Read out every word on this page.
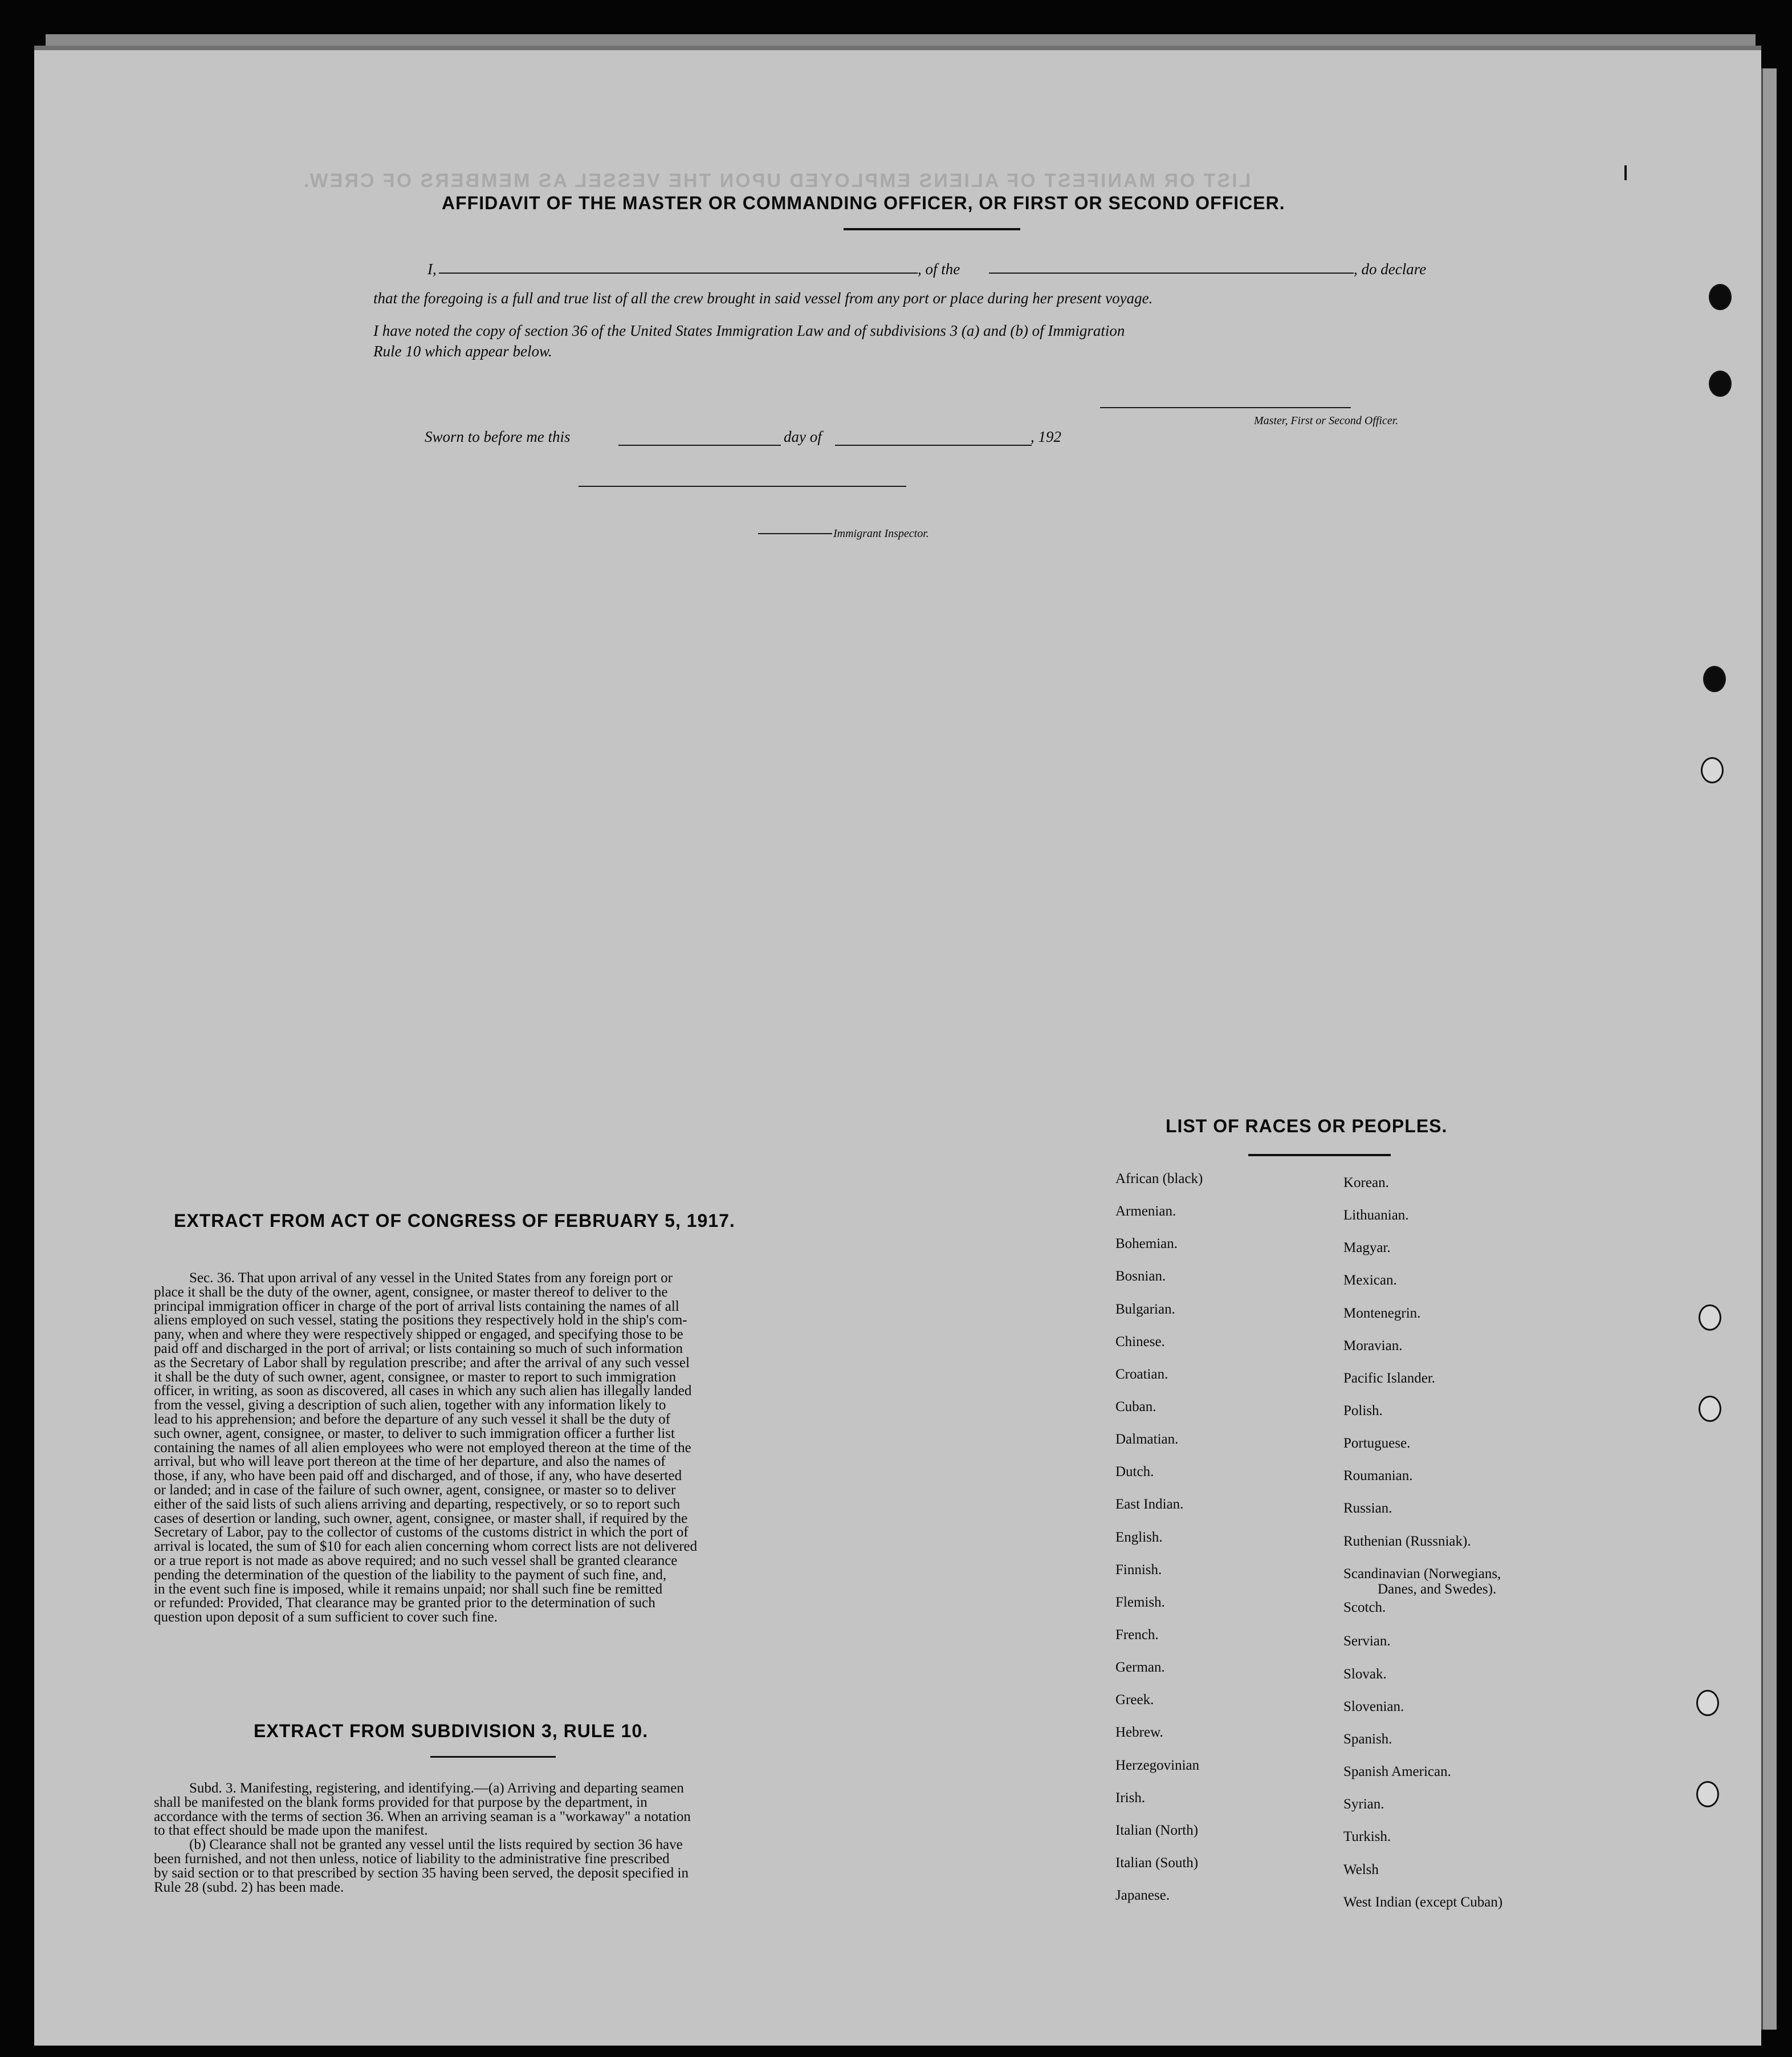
LIST OR MANIFEST OF ALIENS EMPLOYED UPON THE VESSEL AS MEMBERS OF CREW.
AFFIDAVIT OF THE MASTER OR COMMANDING OFFICER, OR FIRST OR SECOND OFFICER.
I,	, of the	, do declare
that the foregoing is a full and true list of all the crew brought in said vessel from any port or place during her present voyage.
I have noted the copy of section 36 of the United States Immigration Law and of subdivisions 3 (a) and (b) of Immigration
Rule 10 which appear below.
Master, First or Second Officer.
Sworn to before me this	day of	, 192
Immigrant Inspector.
EXTRACT FROM ACT OF CONGRESS OF FEBRUARY 5, 1917.
Sec. 36. That upon arrival of any vessel in the United States from any foreign port or
place it shall be the duty of the owner, agent, consignee, or master thereof to deliver to the
principal immigration officer in charge of the port of arrival lists containing the names of all
aliens employed on such vessel, stating the positions they respectively hold in the ship's com-
pany, when and where they were respectively shipped or engaged, and specifying those to be
paid off and discharged in the port of arrival; or lists containing so much of such information
as the Secretary of Labor shall by regulation prescribe; and after the arrival of any such vessel
it shall be the duty of such owner, agent, consignee, or master to report to such immigration
officer, in writing, as soon as discovered, all cases in which any such alien has illegally landed
from the vessel, giving a description of such alien, together with any information likely to
lead to his apprehension; and before the departure of any such vessel it shall be the duty of
such owner, agent, consignee, or master, to deliver to such immigration officer a further list
containing the names of all alien employees who were not employed thereon at the time of the
arrival, but who will leave port thereon at the time of her departure, and also the names of
those, if any, who have been paid off and discharged, and of those, if any, who have deserted
or landed; and in case of the failure of such owner, agent, consignee, or master so to deliver
either of the said lists of such aliens arriving and departing, respectively, or so to report such
cases of desertion or landing, such owner, agent, consignee, or master shall, if required by the
Secretary of Labor, pay to the collector of customs of the customs district in which the port of
arrival is located, the sum of $10 for each alien concerning whom correct lists are not delivered
or a true report is not made as above required; and no such vessel shall be granted clearance
pending the determination of the question of the liability to the payment of such fine, and,
in the event such fine is imposed, while it remains unpaid; nor shall such fine be remitted
or refunded: Provided, That clearance may be granted prior to the determination of such
question upon deposit of a sum sufficient to cover such fine.
EXTRACT FROM SUBDIVISION 3, RULE 10.
Subd. 3. Manifesting, registering, and identifying.—(a) Arriving and departing seamen
shall be manifested on the blank forms provided for that purpose by the department, in
accordance with the terms of section 36. When an arriving seaman is a "workaway" a notation
to that effect should be made upon the manifest.
(b) Clearance shall not be granted any vessel until the lists required by section 36 have
been furnished, and not then unless, notice of liability to the administrative fine prescribed
by said section or to that prescribed by section 35 having been served, the deposit specified in
Rule 28 (subd. 2) has been made.
LIST OF RACES OR PEOPLES.
African (black)
Armenian.
Bohemian.
Bosnian.
Bulgarian.
Chinese.
Croatian.
Cuban.
Dalmatian.
Dutch.
East Indian.
English.
Finnish.
Flemish.
French.
German.
Greek.
Hebrew.
Herzegovinian
Irish.
Italian (North)
Italian (South)
Japanese.
Korean.
Lithuanian.
Magyar.
Mexican.
Montenegrin.
Moravian.
Pacific Islander.
Polish.
Portuguese.
Roumanian.
Russian.
Ruthenian (Russniak).
Scandinavian (Norwegians,
Danes, and Swedes).
Scotch.
Servian.
Slovak.
Slovenian.
Spanish.
Spanish American.
Syrian.
Turkish.
Welsh
West Indian (except Cuban)
